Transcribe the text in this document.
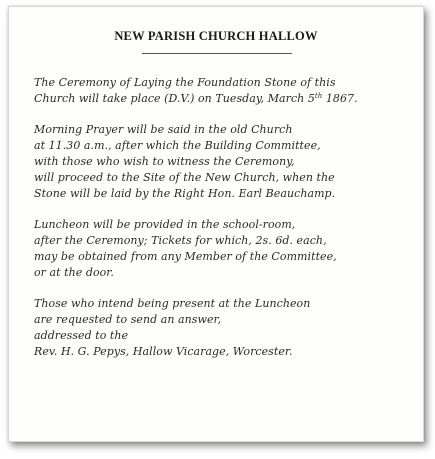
NEW PARISH CHURCH HALLOW

The Ceremony of Laying the Foundation Stone of this
Church will take place (D.V.) on Tuesday, March 5th 1867.

Morning Prayer will be said in the old Church
at 11.30 a.m., after which the Building Committee,
with those who wish to witness the Ceremony,
will proceed to the Site of the New Church, when the
Stone will be laid by the Right Hon. Earl Beauchamp.

Luncheon will be provided in the school-room,
after the Ceremony; Tickets for which, 2s. 6d. each,
may be obtained from any Member of the Committee,
or at the door.

Those who intend being present at the Luncheon
are requested to send an answer,
addressed to the
Rev. H. G. Pepys, Hallow Vicarage, Worcester.
